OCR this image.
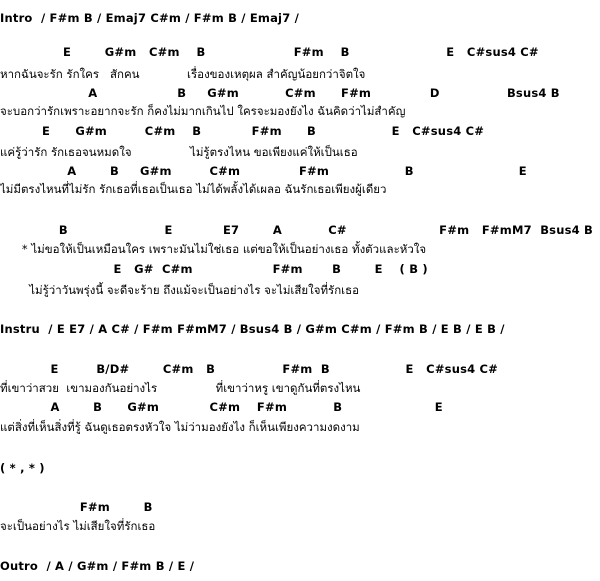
Intro  / F#m B / Emaj7 C#m / F#m B / Emaj7 /
E        G#m   C#m    B                     F#m    B                       E   C#sus4 C#
หากฉันจะรัก รักใคร   สักคน             เรื่องของเหตุผล สำคัญน้อยกว่าจิตใจ
A                   B     G#m           C#m      F#m              D                Bsus4 B
จะบอกว่ารักเพราะอยากจะรัก ก็คงไม่มากเกินไป ใครจะมองยังไง ฉันคิดว่าไม่สำคัญ
E      G#m         C#m    B            F#m      B                  E   C#sus4 C#
แค่รู้ว่ารัก รักเธอจนหมดใจ                ไม่รู้ตรงไหน ขอเพียงแค่ให้เป็นเธอ
A        B     G#m         C#m              F#m                  B                         E
ไม่มีตรงไหนที่ไม่รัก รักเธอที่เธอเป็นเธอ ไม่ได้พลั้งได้เผลอ ฉันรักเธอเพียงผู้เดียว
B                       E            E7        A           C#                      F#m   F#mM7  Bsus4 B
* ไม่ขอให้เป็นเหมือนใคร เพราะมันไม่ใช่เธอ แต่ขอให้เป็นอย่างเธอ ทั้งตัวและหัวใจ
E   G#  C#m                   F#m       B        E    ( B )
ไม่รู้ว่าวันพรุ่งนี้ จะดีจะร้าย ถึงแม้จะเป็นอย่างไร จะไม่เสียใจที่รักเธอ
Instru  / E E7 / A C# / F#m F#mM7 / Bsus4 B / G#m C#m / F#m B / E B / E B /
E         B/D#        C#m   B                F#m  B                  E   C#sus4 C#
ที่เขาว่าสวย  เขามองกันอย่างไร                ที่เขาว่าหรู เขาดูกันที่ตรงไหน
A        B      G#m            C#m    F#m           B                      E
แต่สิ่งที่เห็นสิ่งที่รู้ ฉันดูเธอตรงหัวใจ ไม่ว่ามองยังไง ก็เห็นเพียงความงดงาม
( * , * )
F#m        B
จะเป็นอย่างไร ไม่เสียใจที่รักเธอ
Outro  / A / G#m / F#m B / E /
